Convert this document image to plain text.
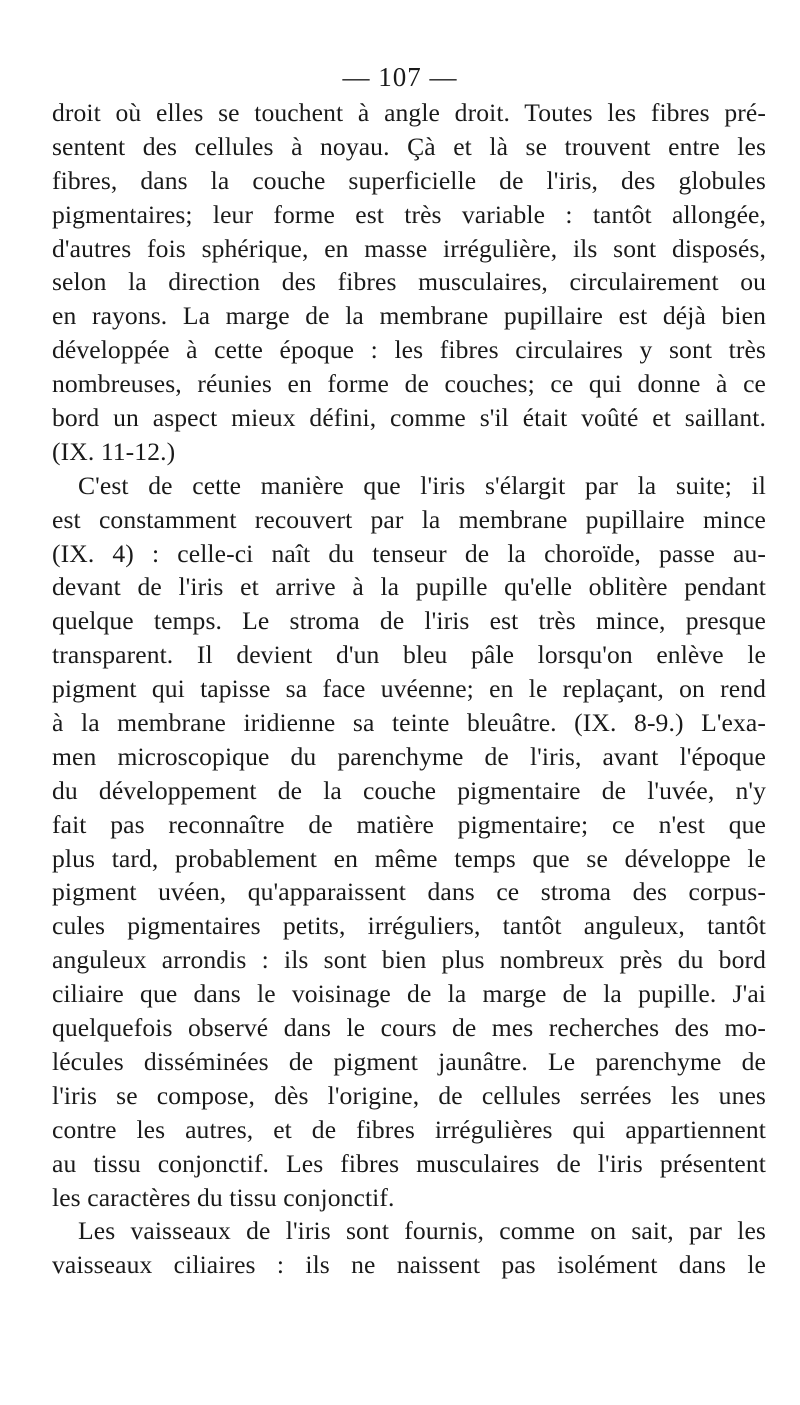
— 107 —
droit où elles se touchent à angle droit. Toutes les fibres pré-
sentent des cellules à noyau. Çà et là se trouvent entre les
fibres, dans la couche superficielle de l'iris, des globules
pigmentaires; leur forme est très variable : tantôt allongée,
d'autres fois sphérique, en masse irrégulière, ils sont disposés,
selon la direction des fibres musculaires, circulairement ou
en rayons. La marge de la membrane pupillaire est déjà bien
développée à cette époque : les fibres circulaires y sont très
nombreuses, réunies en forme de couches; ce qui donne à ce
bord un aspect mieux défini, comme s'il était voûté et saillant.
(IX. 11-12.)
C'est de cette manière que l'iris s'élargit par la suite; il
est constamment recouvert par la membrane pupillaire mince
(IX. 4) : celle-ci naît du tenseur de la choroïde, passe au-
devant de l'iris et arrive à la pupille qu'elle oblitère pendant
quelque temps. Le stroma de l'iris est très mince, presque
transparent. Il devient d'un bleu pâle lorsqu'on enlève le
pigment qui tapisse sa face uvéenne; en le replaçant, on rend
à la membrane iridienne sa teinte bleuâtre. (IX. 8-9.) L'exa-
men microscopique du parenchyme de l'iris, avant l'époque
du développement de la couche pigmentaire de l'uvée, n'y
fait pas reconnaître de matière pigmentaire; ce n'est que
plus tard, probablement en même temps que se développe le
pigment uvéen, qu'apparaissent dans ce stroma des corpus-
cules pigmentaires petits, irréguliers, tantôt anguleux, tantôt
anguleux arrondis : ils sont bien plus nombreux près du bord
ciliaire que dans le voisinage de la marge de la pupille. J'ai
quelquefois observé dans le cours de mes recherches des mo-
lécules disséminées de pigment jaunâtre. Le parenchyme de
l'iris se compose, dès l'origine, de cellules serrées les unes
contre les autres, et de fibres irrégulières qui appartiennent
au tissu conjonctif. Les fibres musculaires de l'iris présentent
les caractères du tissu conjonctif.
Les vaisseaux de l'iris sont fournis, comme on sait, par les
vaisseaux ciliaires : ils ne naissent pas isolément dans le
